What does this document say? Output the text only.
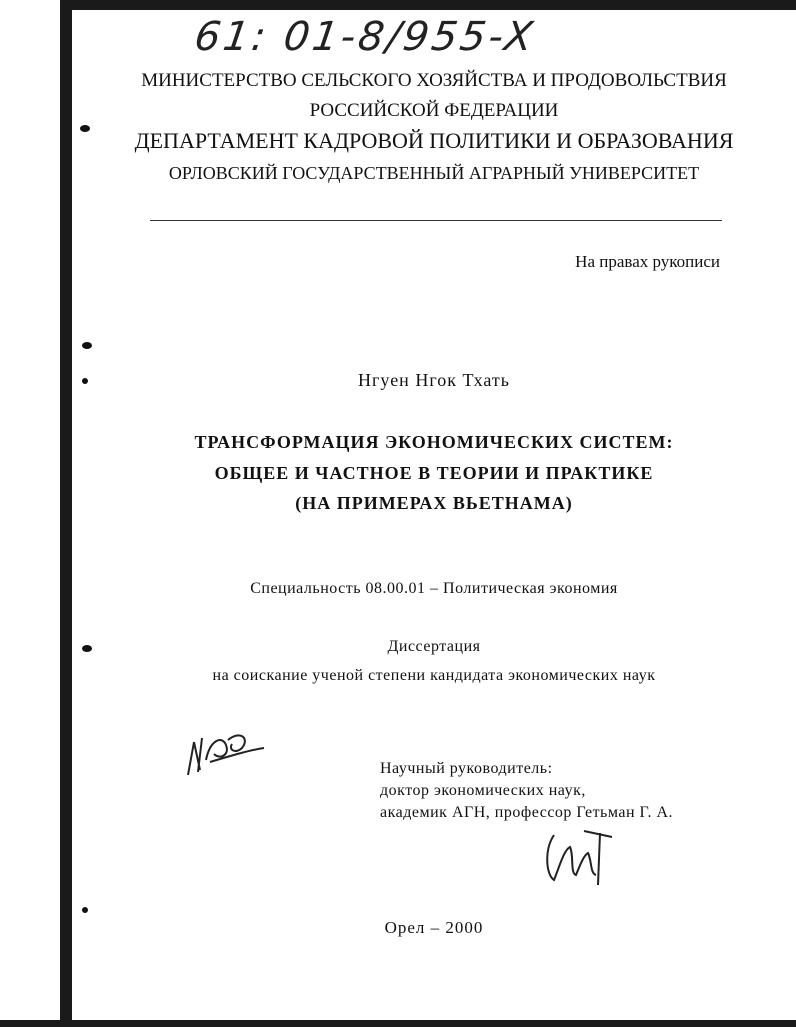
61: 01-8/955-X
МИНИСТЕРСТВО СЕЛЬСКОГО ХОЗЯЙСТВА И ПРОДОВОЛЬСТВИЯ
РОССИЙСКОЙ ФЕДЕРАЦИИ
ДЕПАРТАМЕНТ КАДРОВОЙ ПОЛИТИКИ И ОБРАЗОВАНИЯ
ОРЛОВСКИЙ ГОСУДАРСТВЕННЫЙ АГРАРНЫЙ УНИВЕРСИТЕТ
На правах рукописи
Нгуен Нгок Тхать
ТРАНСФОРМАЦИЯ ЭКОНОМИЧЕСКИХ СИСТЕМ:
ОБЩЕЕ И ЧАСТНОЕ В ТЕОРИИ И ПРАКТИКЕ
(НА ПРИМЕРАХ ВЬЕТНАМА)
Специальность 08.00.01 – Политическая экономия
Диссертация
на соискание ученой степени кандидата экономических наук
Научный руководитель:
доктор экономических наук,
академик АГН, профессор Гетьман Г. А.
Орел – 2000
